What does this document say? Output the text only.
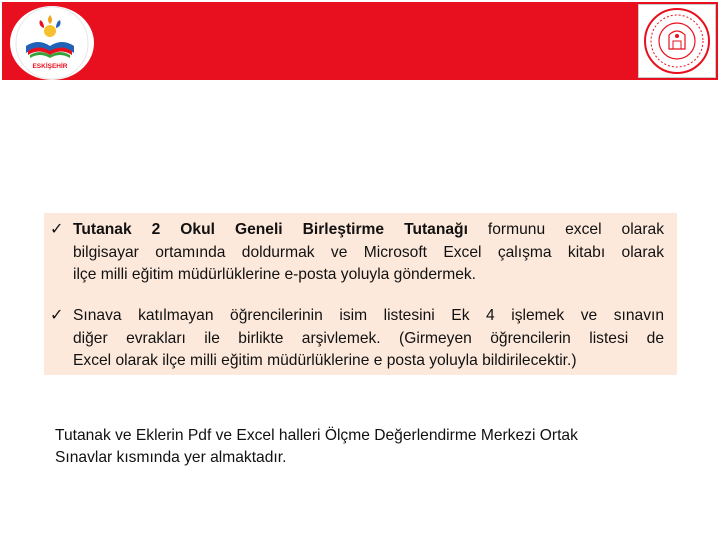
ESKİŞEHİR
✓ Tutanak 2 Okul Geneli Birleştirme Tutanağı formunu excel olarak
bilgisayar ortamında doldurmak ve Microsoft Excel çalışma kitabı olarak
ilçe milli eğitim müdürlüklerine e-posta yoluyla göndermek.
✓ Sınava katılmayan öğrencilerinin isim listesini Ek 4 işlemek ve sınavın
diğer evrakları ile birlikte arşivlemek. (Girmeyen öğrencilerin listesi de
Excel olarak ilçe milli eğitim müdürlüklerine e posta yoluyla bildirilecektir.)
Tutanak ve Eklerin Pdf ve Excel halleri Ölçme Değerlendirme Merkezi Ortak
Sınavlar kısmında yer almaktadır.
